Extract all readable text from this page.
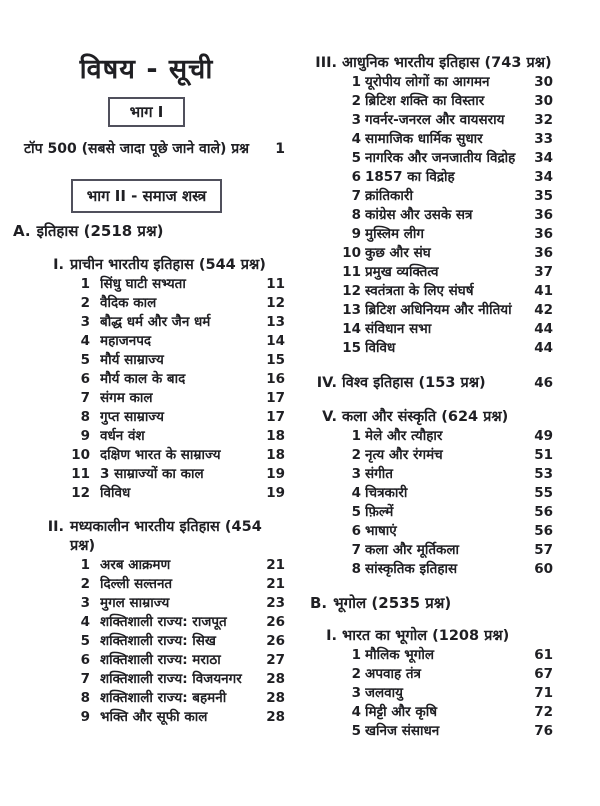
विषय - सूची
भाग I
टॉप 500 (सबसे जादा पूछे जाने वाले) प्रश्न	1
भाग II - समाज शस्त्र
A. इतिहास (2518 प्रश्न)
I. प्राचीन भारतीय इतिहास (544 प्रश्न)
1 सिंधु घाटी सभ्यता	11
2 वैदिक काल	12
3 बौद्ध धर्म और जैन धर्म	13
4 महाजनपद	14
5 मौर्य साम्राज्य	15
6 मौर्य काल के बाद	16
7 संगम काल	17
8 गुप्त साम्राज्य	17
9 वर्धन वंश	18
10 दक्षिण भारत के साम्राज्य	18
11 3 साम्राज्यों का काल	19
12 विविध	19
II. मध्यकालीन भारतीय इतिहास (454 प्रश्न)
1 अरब आक्रमण	21
2 दिल्ली सल्तनत	21
3 मुगल साम्राज्य	23
4 शक्तिशाली राज्य: राजपूत	26
5 शक्तिशाली राज्य: सिख	26
6 शक्तिशाली राज्य: मराठा	27
7 शक्तिशाली राज्य: विजयनगर	28
8 शक्तिशाली राज्य: बहमनी	28
9 भक्ति और सूफी काल	28
III. आधुनिक भारतीय इतिहास (743 प्रश्न)
1 यूरोपीय लोगों का आगमन	30
2 ब्रिटिश शक्ति का विस्तार	30
3 गवर्नर-जनरल और वायसराय	32
4 सामाजिक धार्मिक सुधार	33
5 नागरिक और जनजातीय विद्रोह	34
6 1857 का विद्रोह	34
7 क्रांतिकारी	35
8 कांग्रेस और उसके सत्र	36
9 मुस्लिम लीग	36
10 कुछ और संघ	36
11 प्रमुख व्यक्तित्व	37
12 स्वतंत्रता के लिए संघर्ष	41
13 ब्रिटिश अधिनियम और नीतियां	42
14 संविधान सभा	44
15 विविध	44
IV. विश्व इतिहास (153 प्रश्न)	46
V. कला और संस्कृति (624 प्रश्न)
1 मेले और त्यौहार	49
2 नृत्य और रंगमंच	51
3 संगीत	53
4 चित्रकारी	55
5 फ़िल्में	56
6 भाषाएं	56
7 कला और मूर्तिकला	57
8 सांस्कृतिक इतिहास	60
B. भूगोल (2535 प्रश्न)
I. भारत का भूगोल (1208 प्रश्न)
1 मौलिक भूगोल	61
2 अपवाह तंत्र	67
3 जलवायु	71
4 मिट्टी और कृषि	72
5 खनिज संसाधन	76
